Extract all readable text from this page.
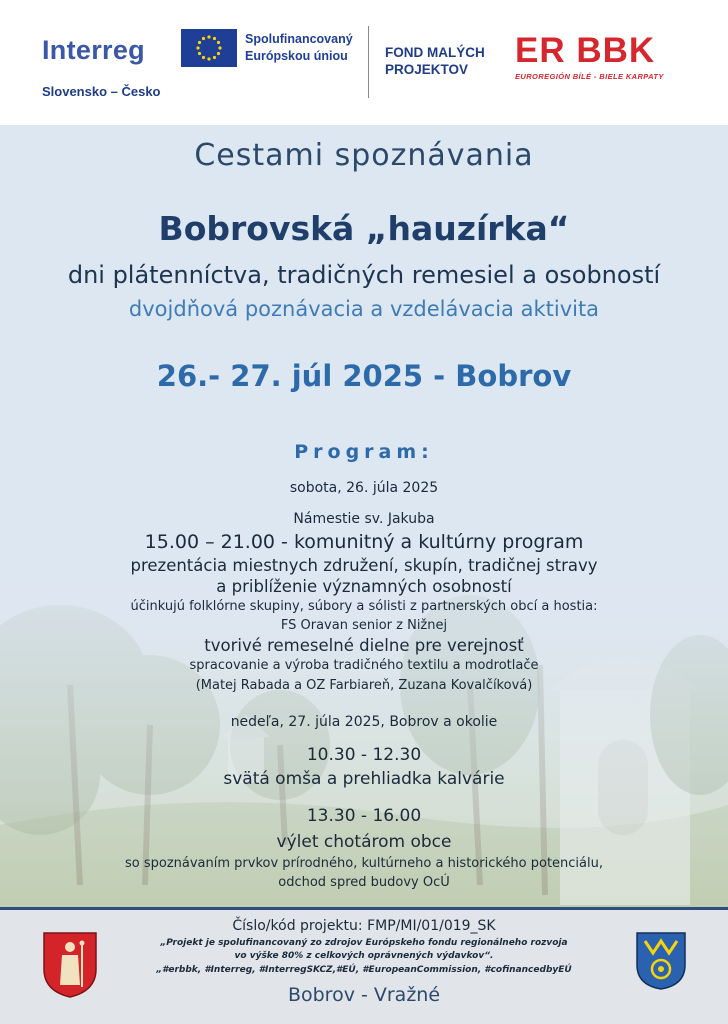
Interreg
Slovensko – Česko
Spolufinancovaný
Európskou úniou	FOND MALÝCH
PROJEKTOV	ER BBK
EUROREGIÓN BÍLÉ - BIELE KARPATY
Cestami spoznávania
Bobrovská „hauzírka“
dni plátenníctva, tradičných remesiel a osobností
dvojdňová poznávacia a vzdelávacia aktivita
26.- 27. júl 2025 - Bobrov
Program:
sobota, 26. júla 2025
Námestie sv. Jakuba
15.00 – 21.00 - komunitný a kultúrny program
prezentácia miestnych združení, skupín, tradičnej stravy
a priblíženie významných osobností
účinkujú folklórne skupiny, súbory a sólisti z partnerských obcí a hostia:
FS Oravan senior z Nižnej
tvorivé remeselné dielne pre verejnosť
spracovanie a výroba tradičného textilu a modrotlače
(Matej Rabada a OZ Farbiareň, Zuzana Kovalčíková)
nedeľa, 27. júla 2025, Bobrov a okolie
10.30 - 12.30
svätá omša a prehliadka kalvárie
13.30 - 16.00
výlet chotárom obce
so spoznávaním prvkov prírodného, kultúrneho a historického potenciálu,
odchod spred budovy OcÚ
Číslo/kód projektu: FMP/MI/01/019_SK
„Projekt je spolufinancovaný zo zdrojov Európskeho fondu regionálneho rozvoja
vo výške 80% z celkových oprávnených výdavkov“.
„#erbbk, #Interreg, #InterregSKCZ,#EÚ, #EuropeanCommission, #cofinancedbyEÚ
Bobrov - Vražné
